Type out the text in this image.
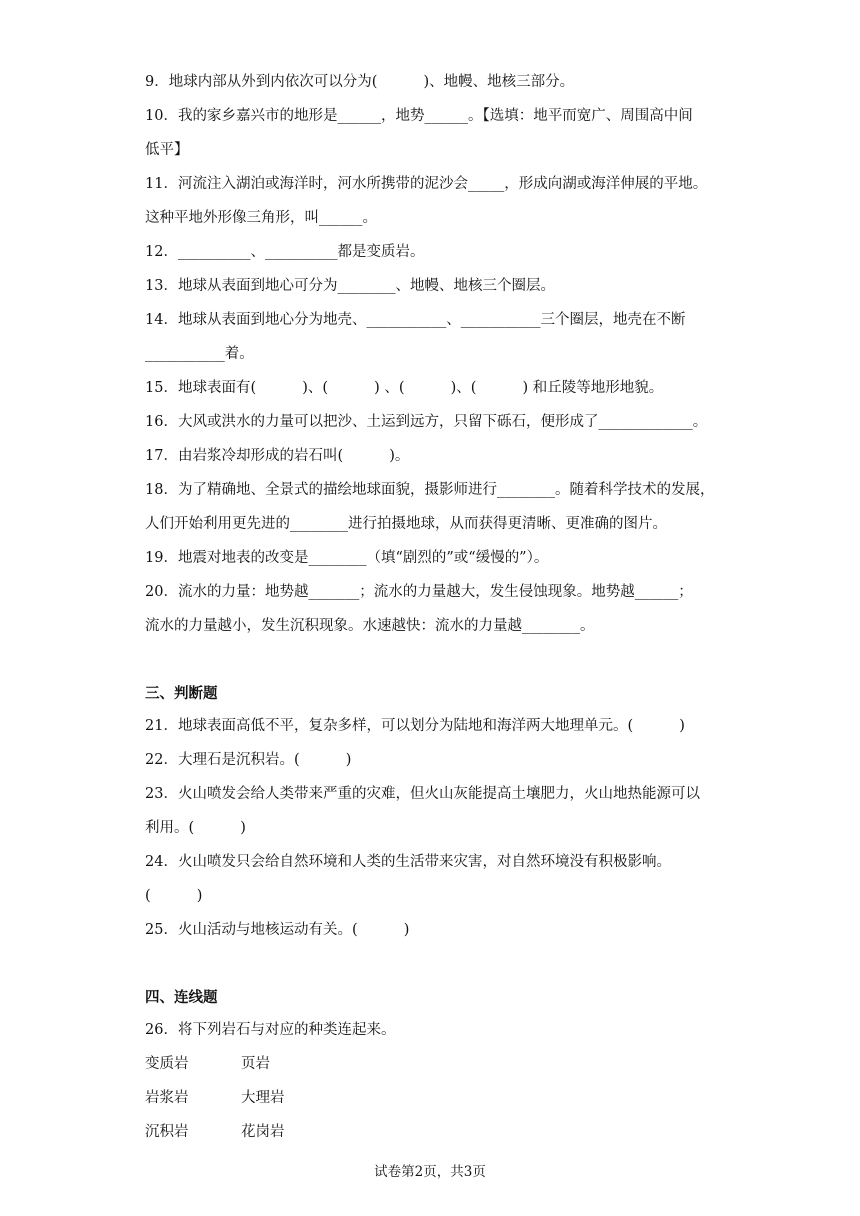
9．地球内部从外到内依次可以分为(          )、地幔、地核三部分。
10．我的家乡嘉兴市的地形是______，地势______。【选填：地平而宽广、周围高中间
低平】
11．河流注入湖泊或海洋时，河水所携带的泥沙会_____，形成向湖或海洋伸展的平地。
这种平地外形像三角形，叫______。
12．__________、__________都是变质岩。
13．地球从表面到地心可分为________、地幔、地核三个圈层。
14．地球从表面到地心分为地壳、___________、___________三个圈层，地壳在不断
___________着。
15．地球表面有(          )、(          ) 、(          )、(          ) 和丘陵等地形地貌。
16．大风或洪水的力量可以把沙、土运到远方，只留下砾石，便形成了_____________。
17．由岩浆冷却形成的岩石叫(          )。
18．为了精确地、全景式的描绘地球面貌，摄影师进行________。随着科学技术的发展，
人们开始利用更先进的________进行拍摄地球，从而获得更清晰、更准确的图片。
19．地震对地表的改变是________（填“剧烈的”或“缓慢的”）。
20．流水的力量：地势越_______；流水的力量越大，发生侵蚀现象。地势越______；
流水的力量越小，发生沉积现象。水速越快：流水的力量越________。
三、判断题
21．地球表面高低不平，复杂多样，可以划分为陆地和海洋两大地理单元。(          )
22．大理石是沉积岩。(          )
23．火山喷发会给人类带来严重的灾难，但火山灰能提高土壤肥力，火山地热能源可以
利用。(          )
24．火山喷发只会给自然环境和人类的生活带来灾害，对自然环境没有积极影响。
(          )
25．火山活动与地核运动有关。(          )
四、连线题
26．将下列岩石与对应的种类连起来。
变质岩	页岩
岩浆岩	大理岩
沉积岩	花岗岩
试卷第2页，共3页
